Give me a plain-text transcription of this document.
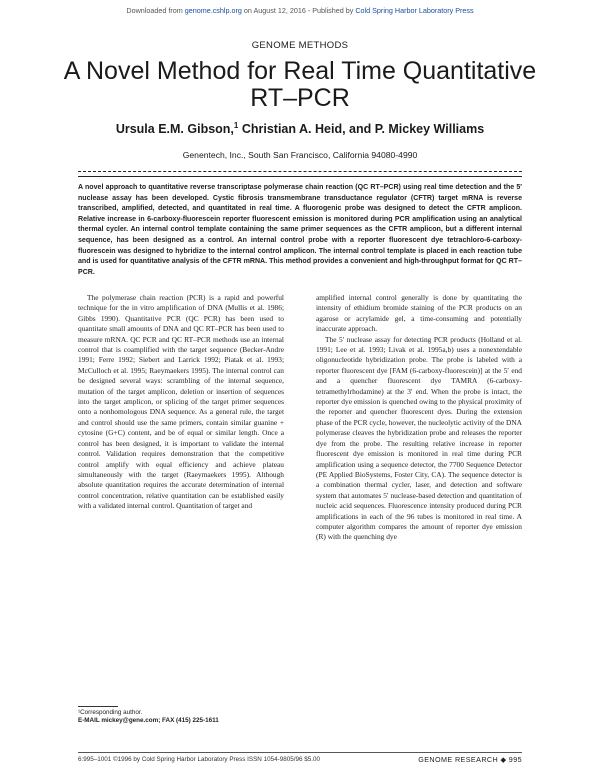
Downloaded from genome.cshlp.org on August 12, 2016 - Published by Cold Spring Harbor Laboratory Press
GENOME METHODS
A Novel Method for Real Time Quantitative
RT–PCR
Ursula E.M. Gibson,$^1$ Christian A. Heid, and P. Mickey Williams
Genentech, Inc., South San Francisco, California 94080-4990
A novel approach to quantitative reverse transcriptase polymerase chain reaction (QC RT–PCR) using real time detection and the 5′ nuclease assay has been developed. Cystic fibrosis transmembrane transductance regulator (CFTR) target mRNA is reverse transcribed, amplified, detected, and quantitated in real time. A fluorogenic probe was designed to detect the CFTR amplicon. Relative increase in 6-carboxy-fluorescein reporter fluorescent emission is monitored during PCR amplification using an analytical thermal cycler. An internal control template containing the same primer sequences as the CFTR amplicon, but a different internal sequence, has been designed as a control. An internal control probe with a reporter fluorescent dye tetrachloro-6-carboxy-fluorescein was designed to hybridize to the internal control amplicon. The internal control template is placed in each reaction tube and is used for quantitative analysis of the CFTR mRNA. This method provides a convenient and high-throughput format for QC RT–PCR.

The polymerase chain reaction (PCR) is a rapid and powerful technique for the in vitro amplification of DNA (Mullis et al. 1986; Gibbs 1990). Quantitative PCR (QC PCR) has been used to quantitate small amounts of DNA and QC RT–PCR has been used to measure mRNA. QC PCR and QC RT–PCR methods use an internal control that is coamplified with the target sequence (Becker-Andre 1991; Ferre 1992; Siebert and Larrick 1992; Piatak et al. 1993; McCulloch et al. 1995; Raeymaekers 1995). The internal control can be designed several ways: scrambling of the internal sequence, mutation of the target amplicon, deletion or insertion of sequences into the target amplicon, or splicing of the target primer sequences onto a nonhomologous DNA sequence. As a general rule, the target and control should use the same primers, contain similar guanine + cytosine (G+C) content, and be of equal or similar length. Once a control has been designed, it is important to validate the internal control. Validation requires demonstration that the competitive control amplify with equal efficiency and achieve plateau simultaneously with the target (Raeymaekers 1995). Although absolute quantitation requires the accurate determination of internal control concentration, relative quantitation can be established easily with a validated internal control. Quantitation of target and

amplified internal control generally is done by quantitating the intensity of ethidium bromide staining of the PCR products on an agarose or acrylamide gel, a time-consuming and potentially inaccurate approach.

The 5′ nuclease assay for detecting PCR products (Holland et al. 1991; Lee et al. 1993; Livak et al. 1995a,b) uses a nonextendable oligonucleotide hybridization probe. The probe is labeled with a reporter fluorescent dye [FAM (6-carboxy-fluorescein)] at the 5′ end and a quencher fluorescent dye TAMRA (6-carboxy-tetramethylrhodamine) at the 3′ end. When the probe is intact, the reporter dye emission is quenched owing to the physical proximity of the reporter and quencher fluorescent dyes. During the extension phase of the PCR cycle, however, the nucleolytic activity of the DNA polymerase cleaves the hybridization probe and releases the reporter dye from the probe. The resulting relative increase in reporter fluorescent dye emission is monitored in real time during PCR amplification using a sequence detector, the 7700 Sequence Detector (PE Applied BioSystems, Foster City, CA). The sequence detector is a combination thermal cycler, laser, and detection and software system that automates 5′ nuclease-based detection and quantitation of nucleic acid sequences. Fluorescence intensity produced during PCR amplifications in each of the 96 tubes is monitored in real time. A computer algorithm compares the amount of reporter dye emission (R) with the quenching dye

¹Corresponding author.
E-MAIL mickey@gene.com; FAX (415) 225-1611
6:995–1001 ©1996 by Cold Spring Harbor Laboratory Press ISSN 1054-9805/96 $5.00	GENOME RESEARCH ◆ 995
